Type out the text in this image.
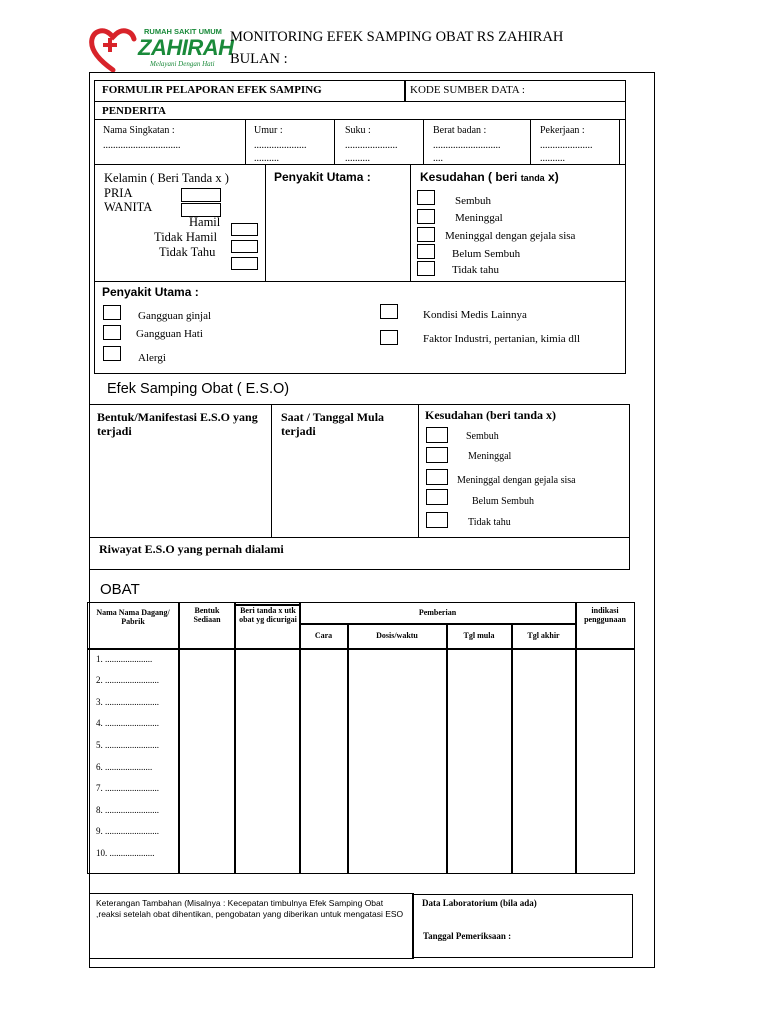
RUMAH SAKIT UMUM
ZAHIRAH
Melayani Dengan Hati
MONITORING EFEK SAMPING OBAT RS ZAHIRAH
BULAN :
FORMULIR PELAPORAN EFEK SAMPING	KODE SUMBER DATA :
PENDERITA
Nama Singkatan :
...............................
Umur :
.....................
..........
Suku :
.....................
..........
Berat badan :
...........................
....
Pekerjaan :
.....................
..........
Kelamin ( Beri Tanda x )
PRIA
WANITA
Hamil
Tidak Hamil
Tidak Tahu
Penyakit Utama :	Kesudahan ( beri tanda x)
Sembuh
Meninggal
Meninggal dengan gejala sisa
Belum Sembuh
Tidak tahu
Penyakit Utama :
Gangguan ginjal
Gangguan Hati
Alergi
Kondisi Medis Lainnya
Faktor Industri, pertanian, kimia dll
Efek Samping Obat ( E.S.O)
Bentuk/Manifestasi E.S.O yang terjadi
Saat / Tanggal Mula terjadi
Kesudahan (beri tanda x)
Sembuh
Meninggal
Meninggal dengan gejala sisa
Belum Sembuh
Tidak tahu
Riwayat E.S.O yang pernah dialami
OBAT
Nama Nama Dagang/ Pabrik
Bentuk Sediaan
Beri tanda x utk obat yg dicurigai
Pemberian
Cara	Dosis/waktu	Tgl mula	Tgl akhir
indikasi penggunaan
1. .....................
2. ........................
3. ........................
4. ........................
5. ........................
6. .....................
7. ........................
8. ........................
9. ........................
10. ....................
Keterangan Tambahan (Misalnya : Kecepatan timbulnya Efek Samping Obat ,reaksi setelah obat dihentikan, pengobatan yang diberikan untuk mengatasi ESO
Data Laboratorium (bila ada)
Tanggal Pemeriksaan :
